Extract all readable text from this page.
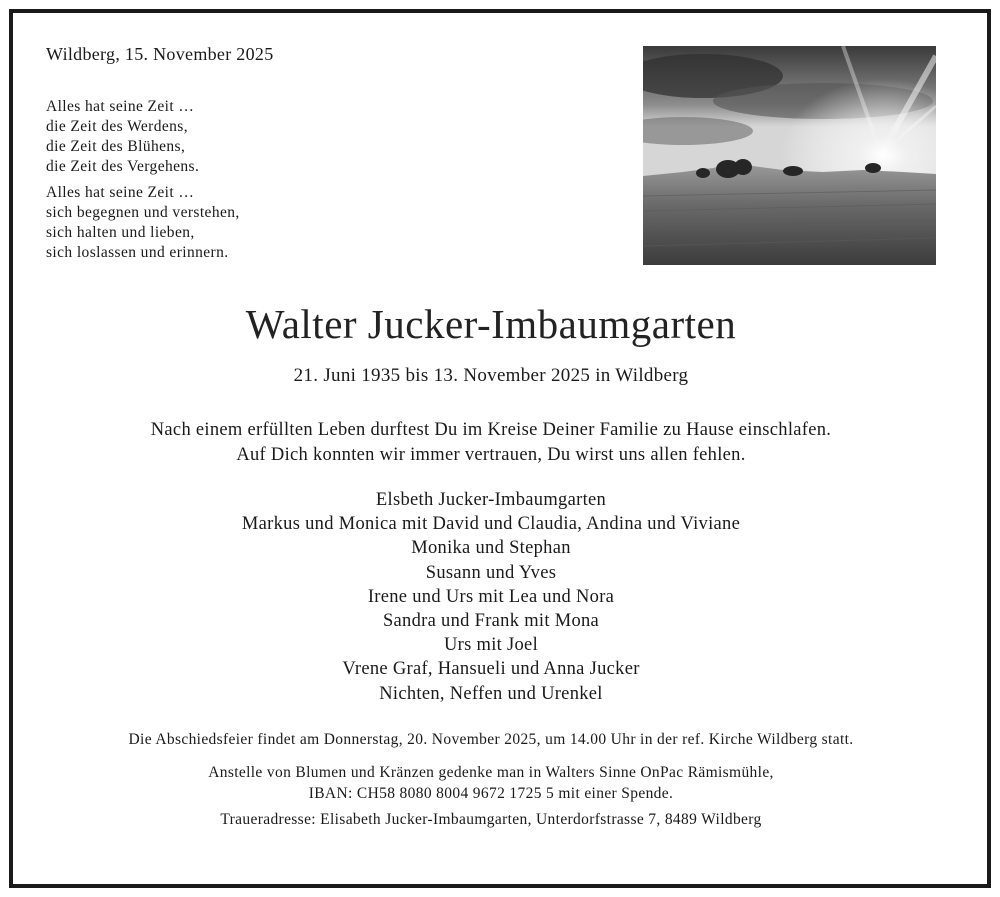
Wildberg, 15. November 2025
Alles hat seine Zeit …
die Zeit des Werdens,
die Zeit des Blühens,
die Zeit des Vergehens.
Alles hat seine Zeit …
sich begegnen und verstehen,
sich halten und lieben,
sich loslassen und erinnern.
Walter Jucker-Imbaumgarten
21. Juni 1935 bis 13. November 2025 in Wildberg
Nach einem erfüllten Leben durftest Du im Kreise Deiner Familie zu Hause einschlafen.
Auf Dich konnten wir immer vertrauen, Du wirst uns allen fehlen.
Elsbeth Jucker-Imbaumgarten
Markus und Monica mit David und Claudia, Andina und Viviane
Monika und Stephan
Susann und Yves
Irene und Urs mit Lea und Nora
Sandra und Frank mit Mona
Urs mit Joel
Vrene Graf, Hansueli und Anna Jucker
Nichten, Neffen und Urenkel
Die Abschiedsfeier findet am Donnerstag, 20. November 2025, um 14.00 Uhr in der ref. Kirche Wildberg statt.
Anstelle von Blumen und Kränzen gedenke man in Walters Sinne OnPac Rämismühle,
IBAN: CH58 8080 8004 9672 1725 5 mit einer Spende.
Traueradresse: Elisabeth Jucker-Imbaumgarten, Unterdorfstrasse 7, 8489 Wildberg
